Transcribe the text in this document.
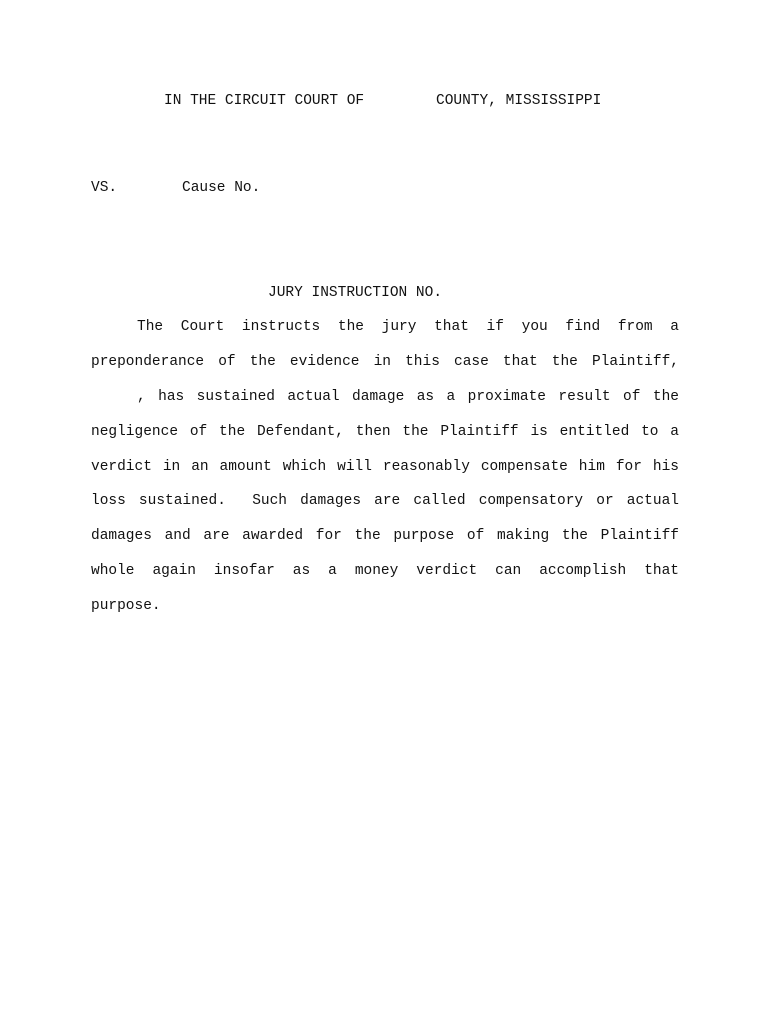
IN THE CIRCUIT COURT OF	COUNTY, MISSISSIPPI
VS.	Cause No.
JURY INSTRUCTION NO.
The Court instructs the jury that if you find from a
preponderance of the evidence in this case that the Plaintiff,
, has sustained actual damage as a proximate result of the
negligence of the Defendant, then the Plaintiff is entitled to a
verdict in an amount which will reasonably compensate him for his
loss sustained.  Such damages are called compensatory or actual
damages and are awarded for the purpose of making the Plaintiff
whole again insofar as a money verdict can accomplish that
purpose.
